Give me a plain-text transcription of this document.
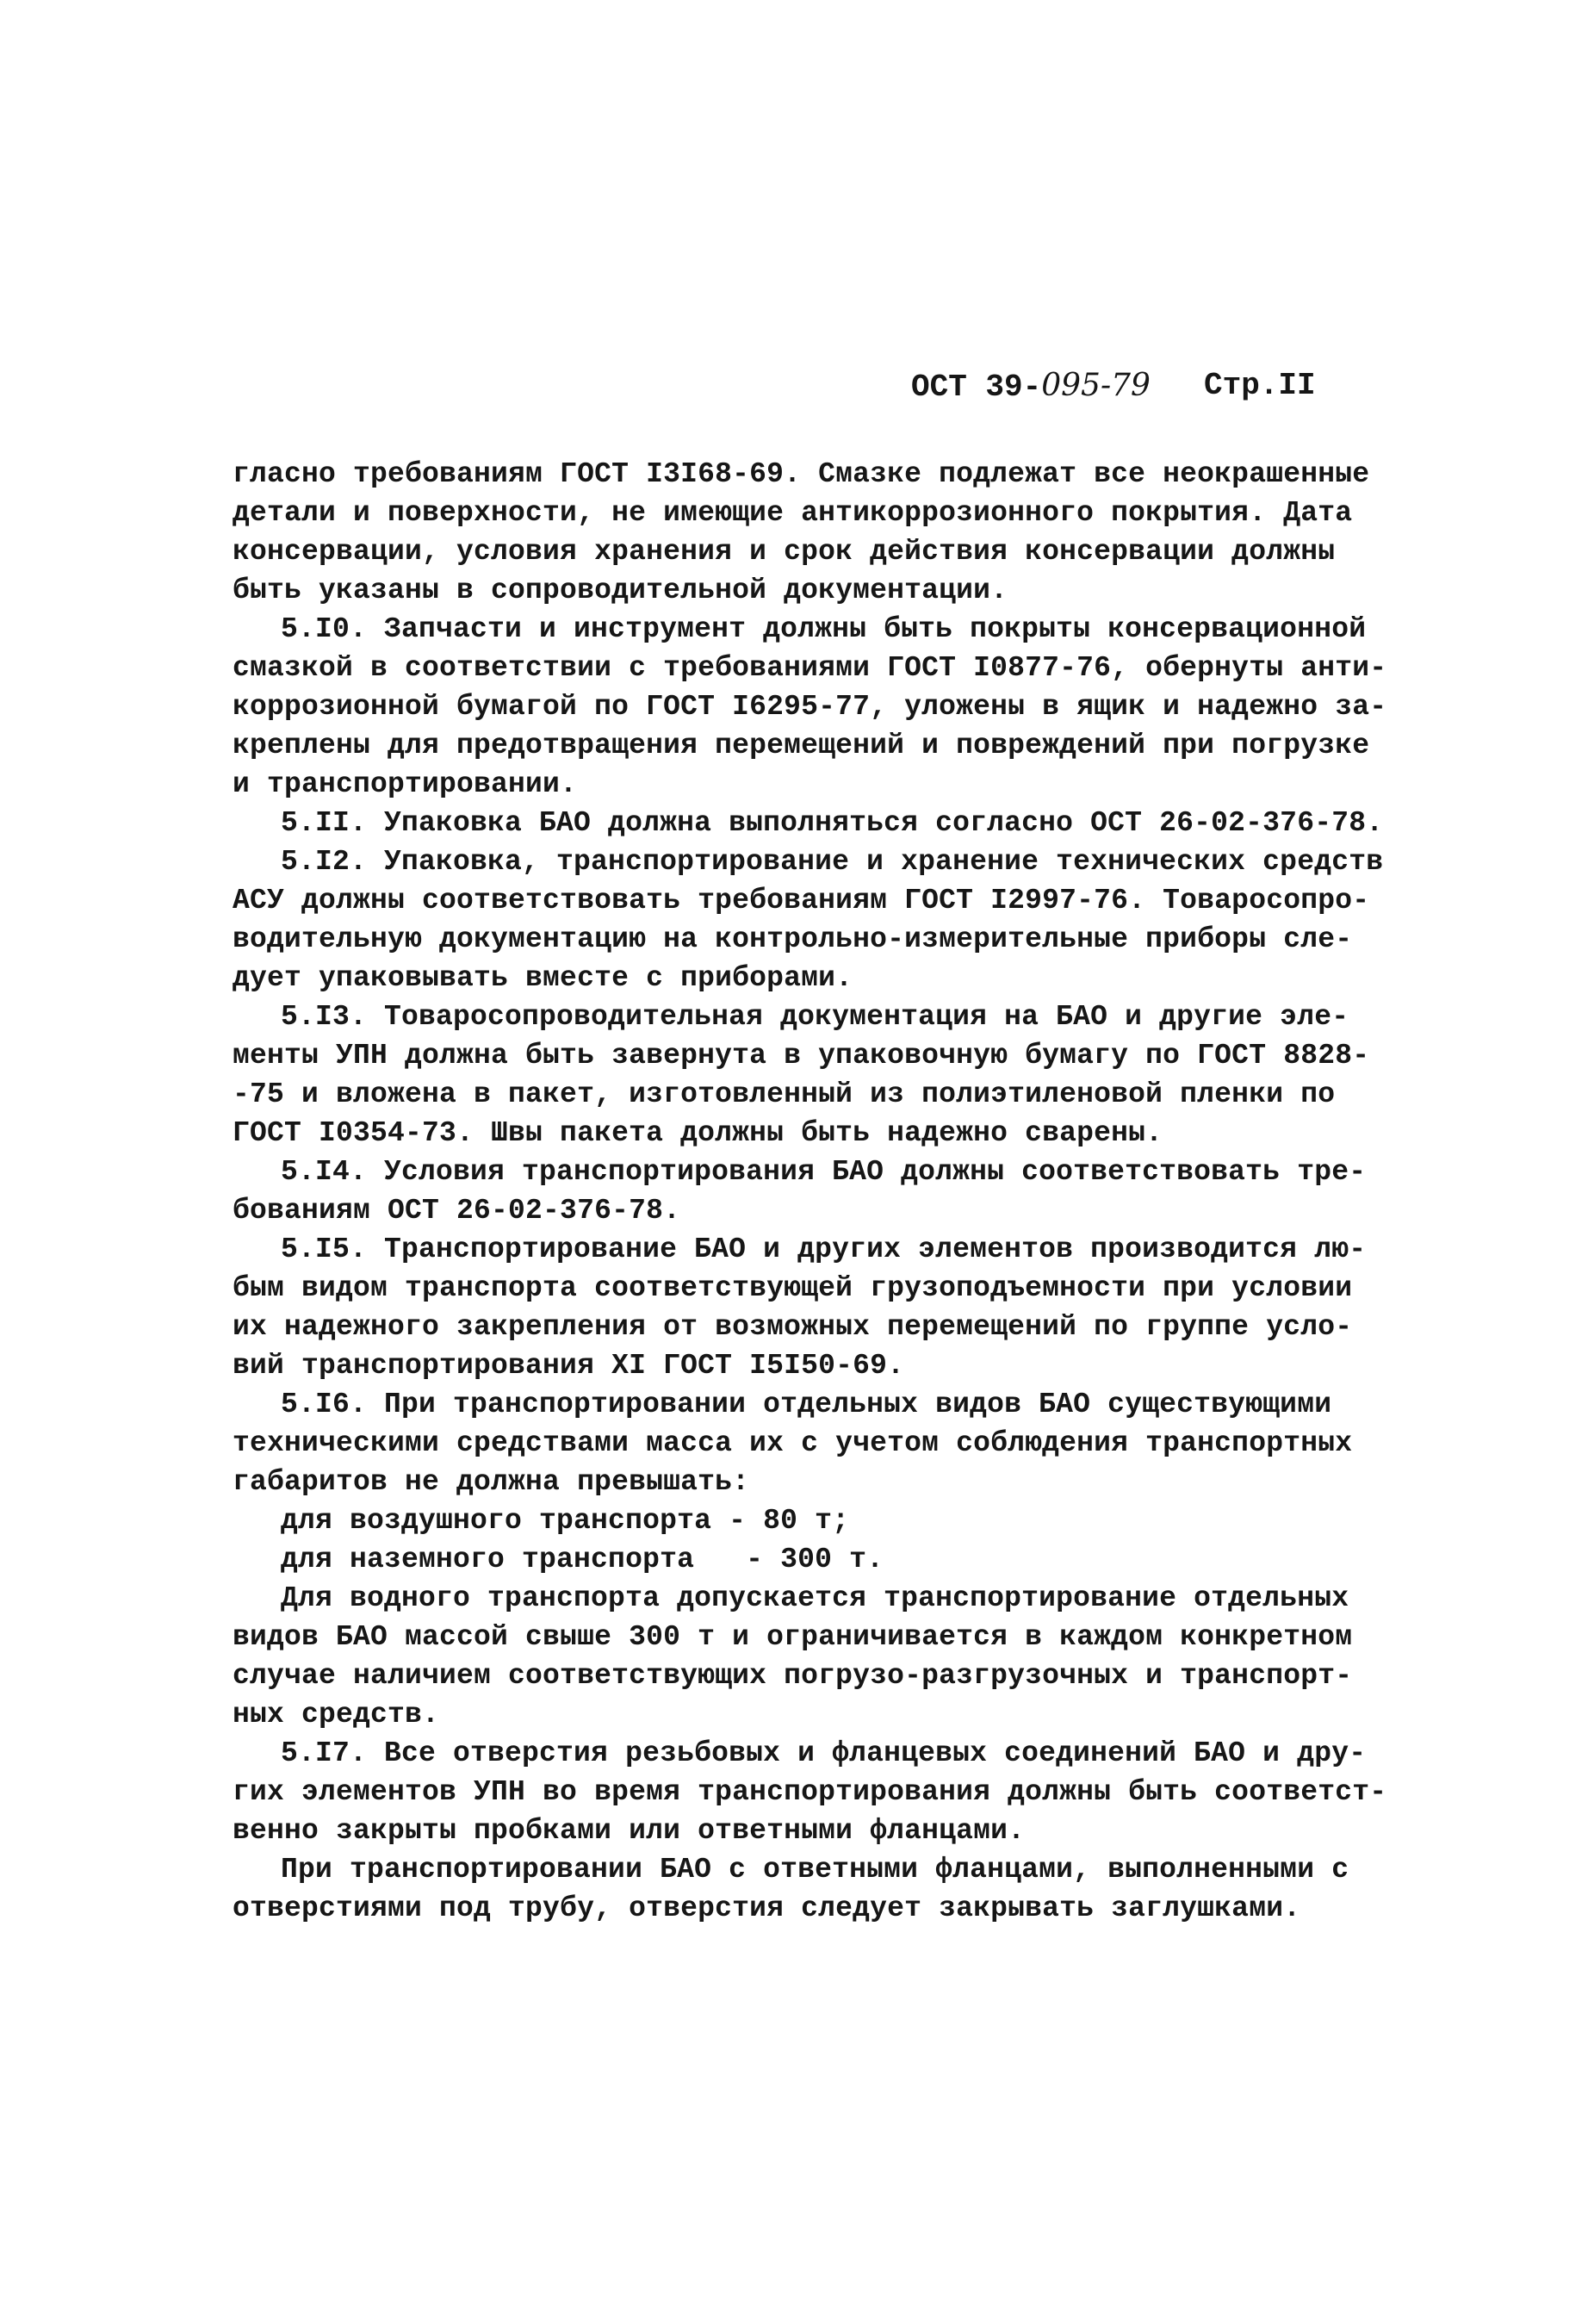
ОСТ 39-095-79 Стр.II
гласно требованиям ГОСТ I3I68-69. Смазке подлежат все неокрашенные
детали и поверхности, не имеющие антикоррозионного покрытия. Дата
консервации, условия хранения и срок действия консервации должны
быть указаны в сопроводительной документации.
5.I0. Запчасти и инструмент должны быть покрыты консервационной
смазкой в соответствии с требованиями ГОСТ I0877-76, обернуты анти-
коррозионной бумагой по ГОСТ I6295-77, уложены в ящик и надежно за-
креплены для предотвращения перемещений и повреждений при погрузке
и транспортировании.
5.II. Упаковка БАО должна выполняться согласно ОСТ 26-02-376-78.
5.I2. Упаковка, транспортирование и хранение технических средств
АСУ должны соответствовать требованиям ГОСТ I2997-76. Товаросопро-
водительную документацию на контрольно-измерительные приборы сле-
дует упаковывать вместе с приборами.
5.I3. Товаросопроводительная документация на БАО и другие эле-
менты УПН должна быть завернута в упаковочную бумагу по ГОСТ 8828-
-75 и вложена в пакет, изготовленный из полиэтиленовой пленки по
ГОСТ I0354-73. Швы пакета должны быть надежно сварены.
5.I4. Условия транспортирования БАО должны соответствовать тре-
бованиям ОСТ 26-02-376-78.
5.I5. Транспортирование БАО и других элементов производится лю-
бым видом транспорта соответствующей грузоподъемности при условии
их надежного закрепления от возможных перемещений по группе усло-
вий транспортирования XI ГОСТ I5I50-69.
5.I6. При транспортировании отдельных видов БАО существующими
техническими средствами масса их с учетом соблюдения транспортных
габаритов не должна превышать:
для воздушного транспорта - 80 т;
для наземного транспорта   - 300 т.
Для водного транспорта допускается транспортирование отдельных
видов БАО массой свыше 300 т и ограничивается в каждом конкретном
случае наличием соответствующих погрузо-разгрузочных и транспорт-
ных средств.
5.I7. Все отверстия резьбовых и фланцевых соединений БАО и дру-
гих элементов УПН во время транспортирования должны быть соответст-
венно закрыты пробками или ответными фланцами.
При транспортировании БАО с ответными фланцами, выполненными с
отверстиями под трубу, отверстия следует закрывать заглушками.
